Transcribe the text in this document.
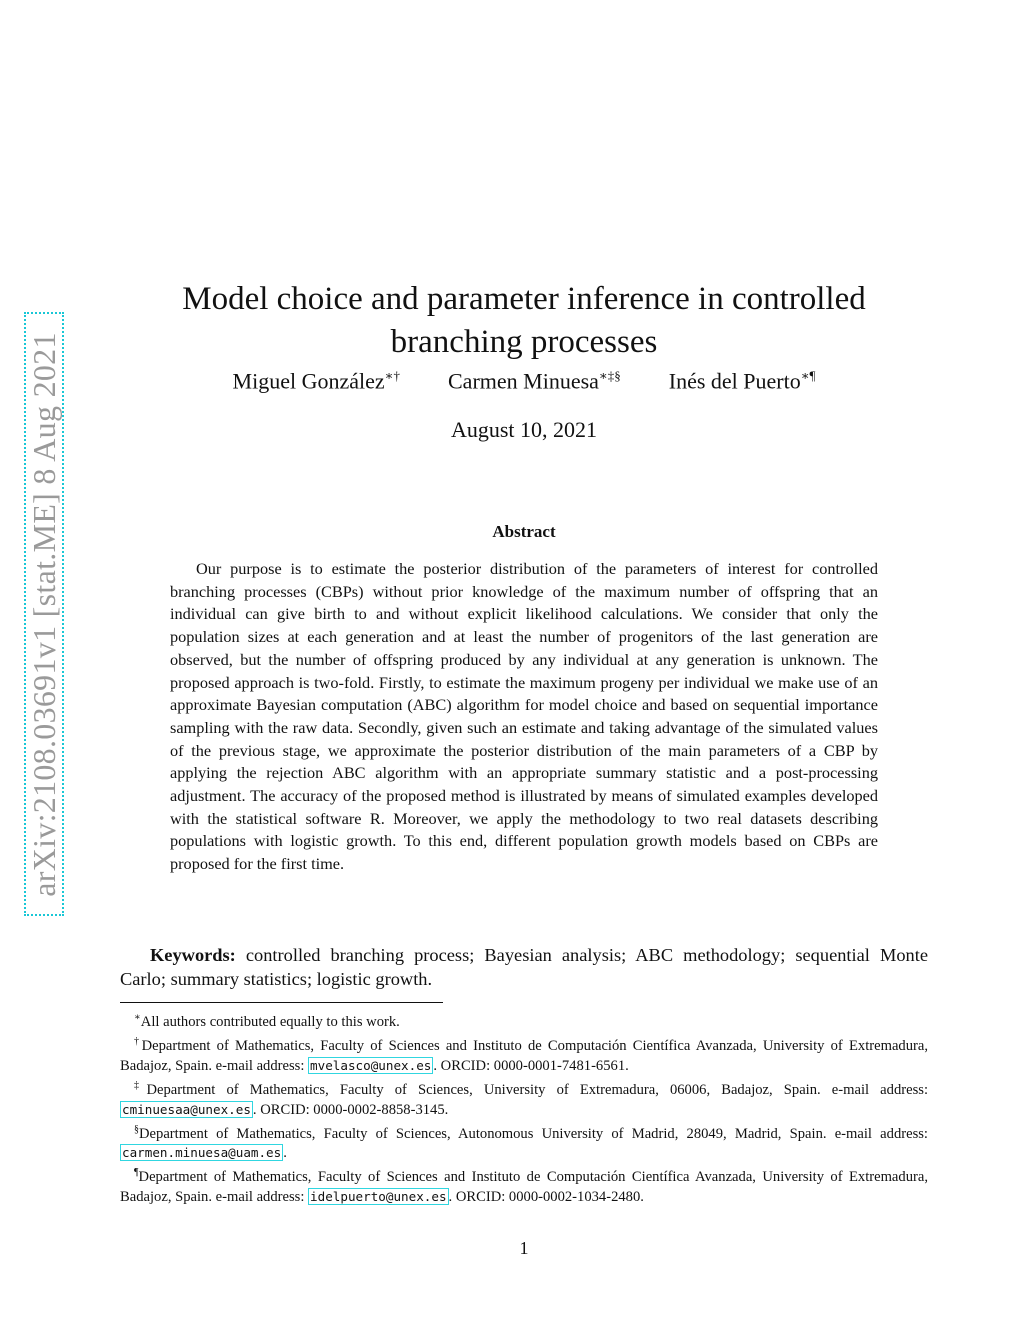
arXiv:2108.03691v1 [stat.ME] 8 Aug 2021
Model choice and parameter inference in controlled branching processes
Miguel González∗† Carmen Minuesa∗‡§ Inés del Puerto∗¶
August 10, 2021
Abstract

Our purpose is to estimate the posterior distribution of the parameters of interest for controlled branching processes (CBPs) without prior knowledge of the maximum number of offspring that an individual can give birth to and without explicit likelihood calculations. We consider that only the population sizes at each generation and at least the number of progenitors of the last generation are observed, but the number of offspring produced by any individual at any generation is unknown. The proposed approach is two-fold. Firstly, to estimate the maximum progeny per individual we make use of an approximate Bayesian computation (ABC) algorithm for model choice and based on sequential importance sampling with the raw data. Secondly, given such an estimate and taking advantage of the simulated values of the previous stage, we approximate the posterior distribution of the main parameters of a CBP by applying the rejection ABC algorithm with an appropriate summary statistic and a post-processing adjustment. The accuracy of the proposed method is illustrated by means of simulated examples developed with the statistical software R. Moreover, we apply the methodology to two real datasets describing populations with logistic growth. To this end, different population growth models based on CBPs are proposed for the first time.

Keywords: controlled branching process; Bayesian analysis; ABC methodology; sequential Monte Carlo; summary statistics; logistic growth.

∗All authors contributed equally to this work.

†Department of Mathematics, Faculty of Sciences and Instituto de Computación Científica Avanzada, University of Extremadura, Badajoz, Spain. e-mail address: mvelasco@unex.es . ORCID: 0000-0001-7481-6561.

‡Department of Mathematics, Faculty of Sciences, University of Extremadura, 06006, Badajoz, Spain. e-mail address: cminuesaa@unex.es . ORCID: 0000-0002-8858-3145.

§Department of Mathematics, Faculty of Sciences, Autonomous University of Madrid, 28049, Madrid, Spain. e-mail address: carmen.minuesa@uam.es .

¶Department of Mathematics, Faculty of Sciences and Instituto de Computación Científica Avanzada, University of Extremadura, Badajoz, Spain. e-mail address: idelpuerto@unex.es . ORCID: 0000-0002-1034-2480.

1
